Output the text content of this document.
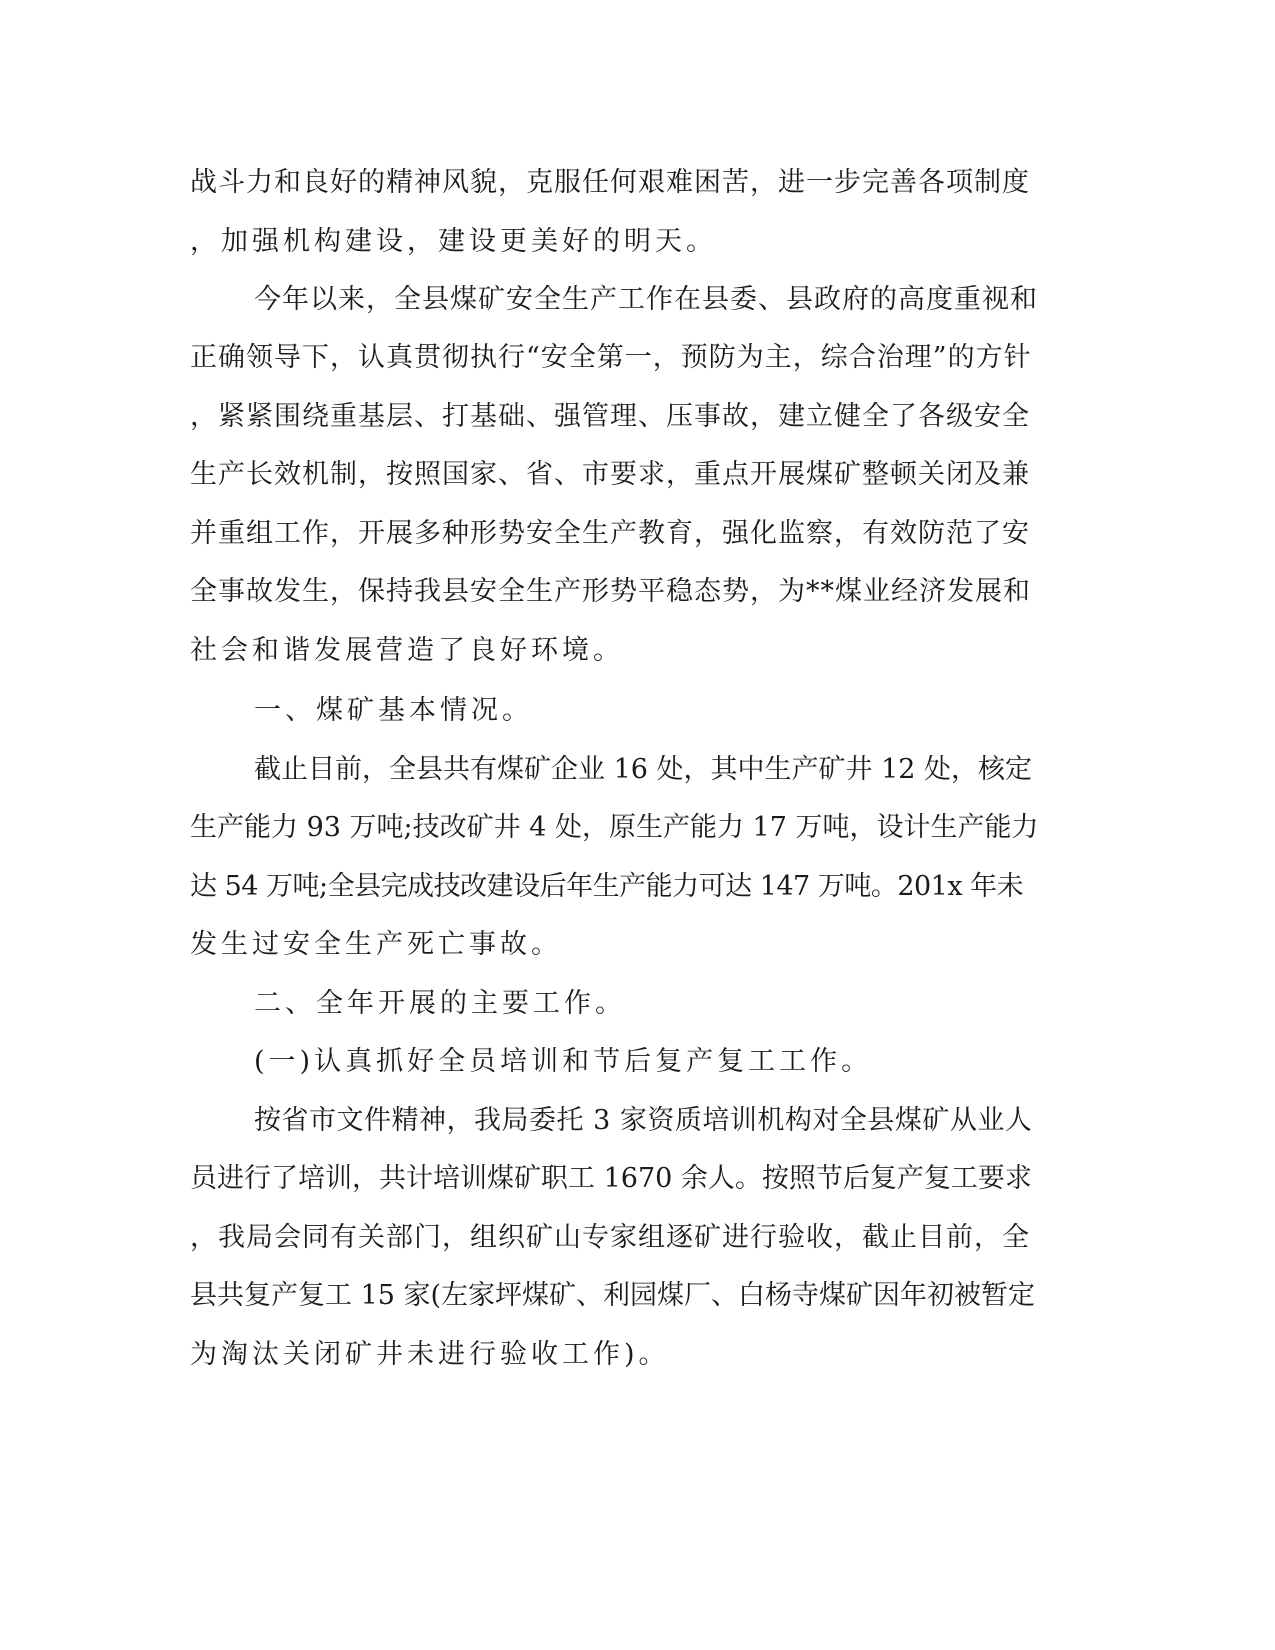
战斗力和良好的精神风貌，克服任何艰难困苦，进一步完善各项制度
，加强机构建设，建设更美好的明天。
今年以来，全县煤矿安全生产工作在县委、县政府的高度重视和
正确领导下，认真贯彻执行“安全第一，预防为主，综合治理”的方针
，紧紧围绕重基层、打基础、强管理、压事故，建立健全了各级安全
生产长效机制，按照国家、省、市要求，重点开展煤矿整顿关闭及兼
并重组工作，开展多种形势安全生产教育，强化监察，有效防范了安
全事故发生，保持我县安全生产形势平稳态势，为**煤业经济发展和
社会和谐发展营造了良好环境。
一、煤矿基本情况。
截止目前，全县共有煤矿企业 16 处，其中生产矿井 12 处，核定
生产能力 93 万吨;技改矿井 4 处，原生产能力 17 万吨，设计生产能力
达 54 万吨;全县完成技改建设后年生产能力可达 147 万吨。201x 年未
发生过安全生产死亡事故。
二、全年开展的主要工作。
(一)认真抓好全员培训和节后复产复工工作。
按省市文件精神，我局委托 3 家资质培训机构对全县煤矿从业人
员进行了培训，共计培训煤矿职工 1670 余人。按照节后复产复工要求
，我局会同有关部门，组织矿山专家组逐矿进行验收，截止目前，全
县共复产复工 15 家(左家坪煤矿、利园煤厂、白杨寺煤矿因年初被暂定
为淘汰关闭矿井未进行验收工作)。
